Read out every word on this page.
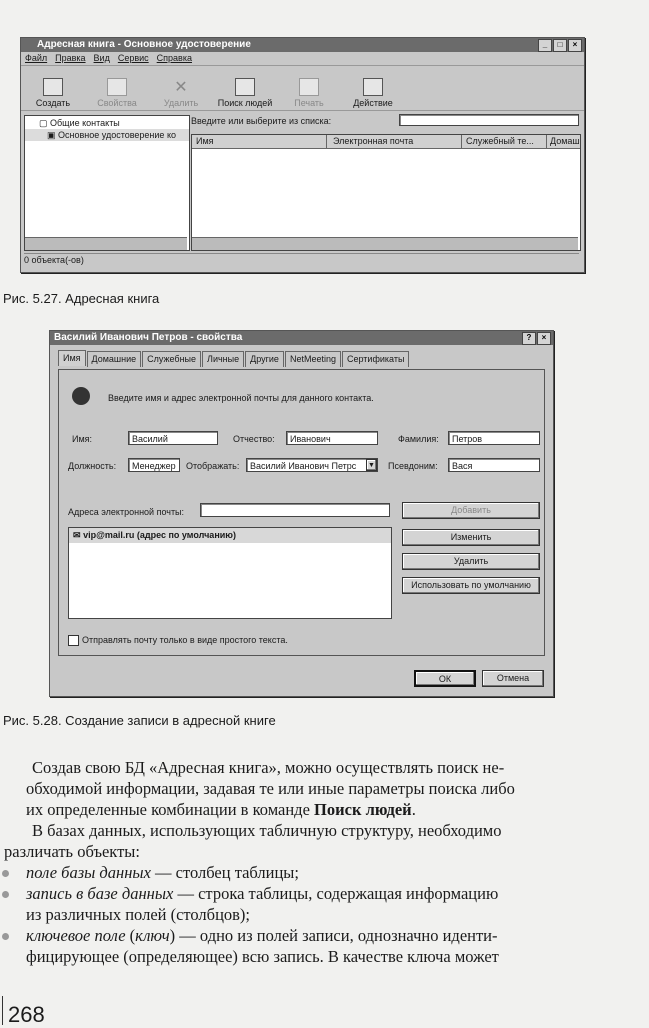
Адресная книга - Основное удостоверение	_	□	×
Файл Правка Вид Сервис Справка
Создать	Свойства
✕
Удалить	Поиск людей	Печать	Действие
▢ Общие контакты
▣ Основное удостоверение ко
Введите или выберите из списка:
Имя	Электронная почта	Служебный те...	Домаш
0 объекта(-ов)
Рис. 5.27. Адресная книга
Василий Иванович Петров - свойства	?	×
Имя	Домашние	Служебные	Личные	Другие	NetMeeting	Сертификаты
Введите имя и адрес электронной почты для данного контакта.
Имя:	Василий	Отчество:	Иванович	Фамилия:	Петров
Должность:	Менеджер	Отображать:	Василий Иванович Петрс ▼ Псевдоним:	Вася
Адреса электронной почты:	Добавить
✉ vip@mail.ru (адрес по умолчанию)	Изменить
Удалить
Использовать по умолчанию
Отправлять почту только в виде простого текста.
ОК	Отмена
Рис. 5.28. Создание записи в адресной книге
Создав свою БД «Адресная книга», можно осуществлять поиск не-
обходимой информации, задавая те или иные параметры поиска либо
их определенные комбинации в команде Поиск людей.
В базах данных, использующих табличную структуру, необходимо
различать объекты:
поле базы данных — столбец таблицы;
запись в базе данных — строка таблицы, содержащая информацию
из различных полей (столбцов);
ключевое поле (ключ) — одно из полей записи, однозначно иденти-
фицирующее (определяющее) всю запись. В качестве ключа может
268
